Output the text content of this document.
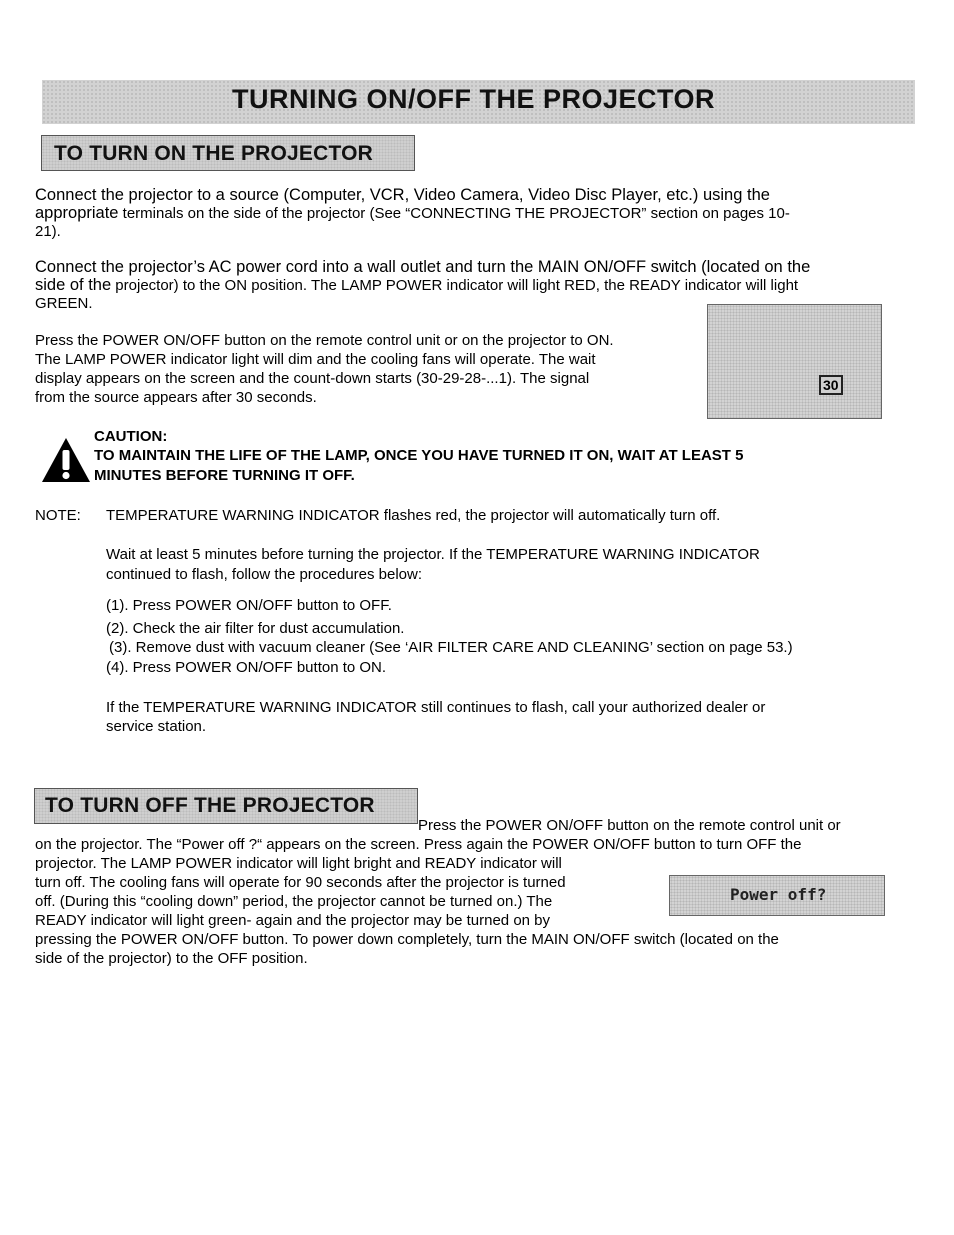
TURNING ON/OFF THE PROJECTOR
TO TURN ON THE PROJECTOR
Connect the projector to a source (Computer, VCR, Video Camera, Video Disc Player, etc.) using the
appropriate terminals on the side of the projector (See “CONNECTING THE PROJECTOR” section on pages 10-
21).
Connect the projector’s AC power cord into a wall outlet and turn the MAIN ON/OFF switch (located on the
side of the projector) to the ON position. The LAMP POWER indicator will light RED, the READY indicator will light
GREEN.
Press the POWER ON/OFF button on the remote control unit or on the projector to ON.
The LAMP POWER indicator light will dim and the cooling fans will operate. The wait
display appears on the screen and the count-down starts (30-29-28-...1). The signal
from the source appears after 30 seconds.
30
CAUTION:
TO MAINTAIN THE LIFE OF THE LAMP, ONCE YOU HAVE TURNED IT ON, WAIT AT LEAST 5
MINUTES BEFORE TURNING IT OFF.
NOTE: TEMPERATURE WARNING INDICATOR flashes red, the projector will automatically turn off.
Wait at least 5 minutes before turning the projector. If the TEMPERATURE WARNING INDICATOR
continued to flash, follow the procedures below:
(1). Press POWER ON/OFF button to OFF.
(2). Check the air filter for dust accumulation.
(3). Remove dust with vacuum cleaner (See ‘AIR FILTER CARE AND CLEANING’ section on page 53.)
(4). Press POWER ON/OFF button to ON.
If the TEMPERATURE WARNING INDICATOR still continues to flash, call your authorized dealer or
service station.
TO TURN OFF THE PROJECTOR
Press the POWER ON/OFF button on the remote control unit or
on the projector. The “Power off ?“ appears on the screen. Press again the POWER ON/OFF button to turn OFF the
projector. The LAMP POWER indicator will light bright and READY indicator will
turn off. The cooling fans will operate for 90 seconds after the projector is turned
off. (During this “cooling down” period, the projector cannot be turned on.) The
READY indicator will light green- again and the projector may be turned on by
pressing the POWER ON/OFF button. To power down completely, turn the MAIN ON/OFF switch (located on the
side of the projector) to the OFF position.
Power off?
